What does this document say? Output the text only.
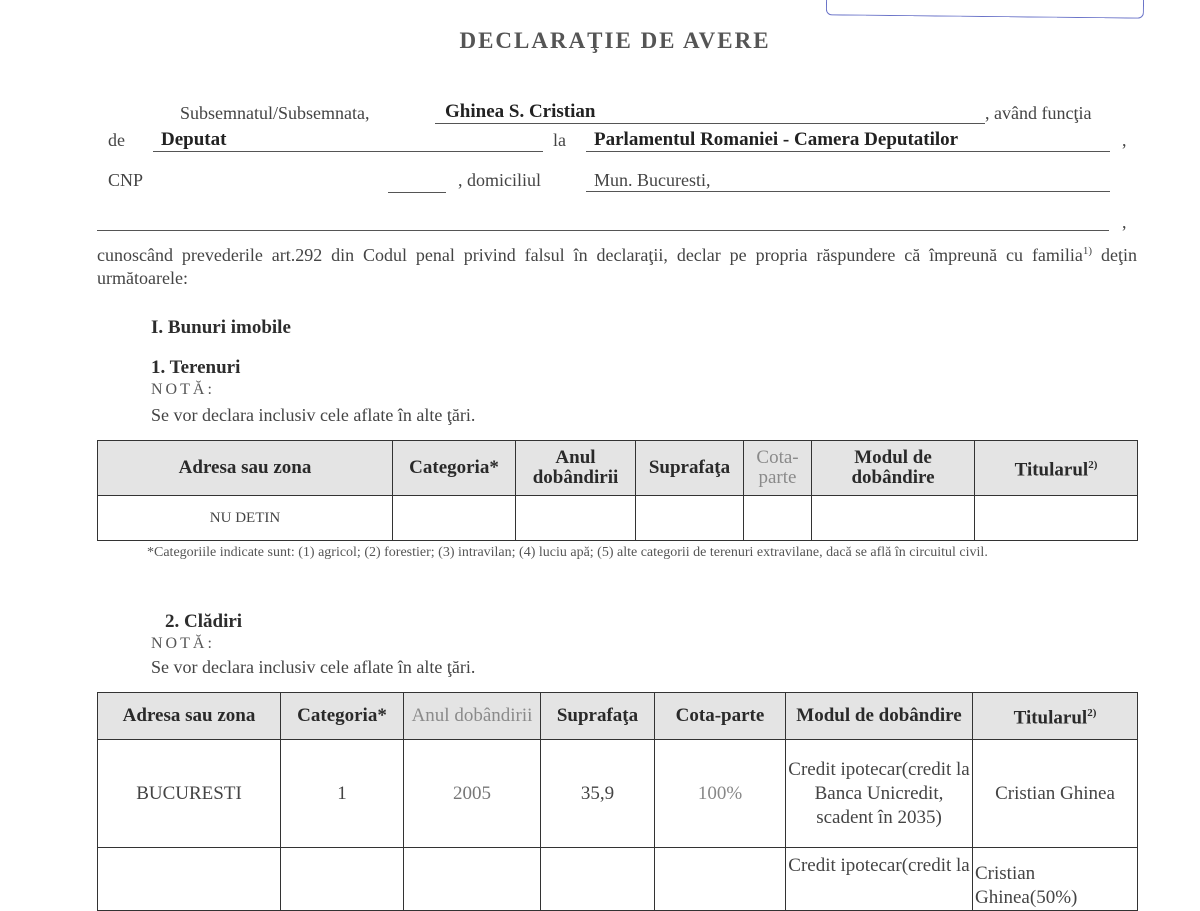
DECLARAŢIE DE AVERE
Subsemnatul/Subsemnata,	Ghinea S. Cristian	, având funcţia
de	Deputat	la	Parlamentul Romaniei - Camera Deputatilor	,
CNP	, domiciliul	Mun. Bucuresti,
,
cunoscând prevederile art.292 din Codul penal privind falsul în declaraţii, declar pe propria răspundere că împreună cu familia$^{1)}$ deţin următoarele:
I. Bunuri imobile
1. Terenuri
NOTĂ:
Se vor declara inclusiv cele aflate în alte ţări.
Adresa sau zona	Categoria*	Anul dobândirii	Suprafaţa	Cota-parte	Modul de dobândire	Titularul$^{2)}$
NU DETIN						
*Categoriile indicate sunt: (1) agricol; (2) forestier; (3) intravilan; (4) luciu apă; (5) alte categorii de terenuri extravilane, dacă se află în circuitul civil.
2. Clădiri
NOTĂ:
Se vor declara inclusiv cele aflate în alte ţări.
Adresa sau zona	Categoria*	Anul dobândirii	Suprafaţa	Cota-parte	Modul de dobândire	Titularul$^{2)}$
BUCURESTI	1	2005	35,9	100%	Credit ipotecar(credit la Banca Unicredit, scadent în 2035)	Cristian Ghinea
					Credit ipotecar(credit la	Cristian Ghinea(50%)
